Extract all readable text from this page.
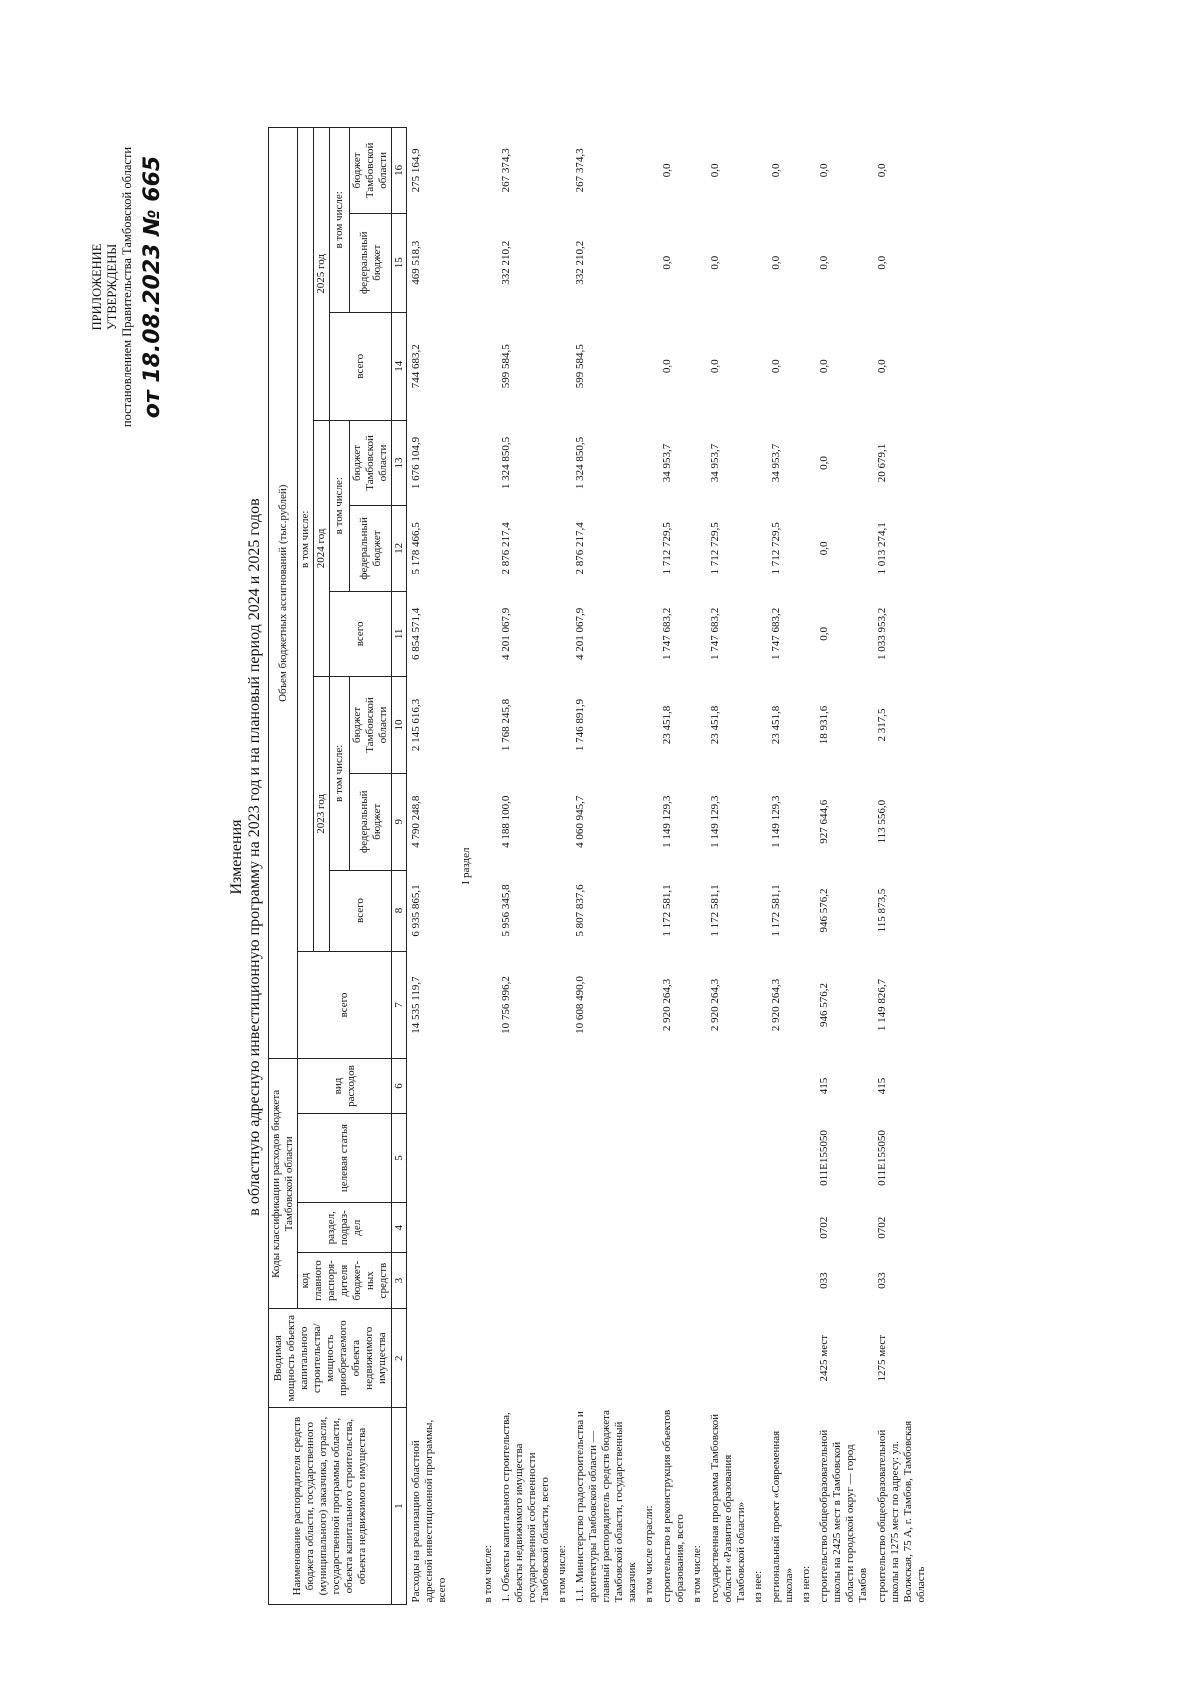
ПРИЛОЖЕНИЕ УТВЕРЖДЕНЫ постановлением Правительства Тамбовской области от 18.08.2023 № 665
Изменения в областную адресную инвестиционную программу на 2023 год и на плановый период 2024 и 2025 годов
Наименование распорядителя средств бюджета области, государственного (муниципального) заказчика, отрасли, государственной программы области, объекта капитального строительства, объекта недвижимого имущества	Вводимая мощность объекта капитального строительства/ мощность приобретаемого объекта недвижимого имущества	Коды классификации расходов бюджета Тамбовской области				Объем бюджетных ассигнований (тыс.рублей)									
		код главного распоря-дителя бюджет-ных средств	раздел, подраз-дел	целевая статья	вид расходов	всего	в том числе:								
							2023 год			2024 год			2025 год		
							всего	в том числе:		всего	в том числе:		всего	в том числе:	
								федеральный бюджет	бюджет Тамбовской области		федеральный бюджет	бюджет Тамбовской области		федеральный бюджет	бюджет Тамбовской области
1	2	3	4	5	6	7	8	9	10	11	12	13	14	15	16
Расходы на реализацию областной адресной инвестиционной программы, всего						14 535 119,7	6 935 865,1	4 790 248,8	2 145 616,3	6 854 571,4	5 178 466,5	1 676 104,9	744 683,2	469 518,3	275 164,9
I раздел															
в том числе:															
1. Объекты капитального строительства, объекты недвижимого имущества государственной собственности Тамбовской области, всего						10 756 996,2	5 956 345,8	4 188 100,0	1 768 245,8	4 201 067,9	2 876 217,4	1 324 850,5	599 584,5	332 210,2	267 374,3
в том числе:															
1.1. Министерство градостроительства и архитектуры Тамбовской области — главный распорядитель средств бюджета Тамбовской области, государственный заказчик						10 608 490,0	5 807 837,6	4 060 945,7	1 746 891,9	4 201 067,9	2 876 217,4	1 324 850,5	599 584,5	332 210,2	267 374,3
в том числе отрасли:															
строительство и реконструкция объектов образования, всего						2 920 264,3	1 172 581,1	1 149 129,3	23 451,8	1 747 683,2	1 712 729,5	34 953,7	0,0	0,0	0,0
в том числе:															
государственная программа Тамбовской области «Развитие образования Тамбовской области»						2 920 264,3	1 172 581,1	1 149 129,3	23 451,8	1 747 683,2	1 712 729,5	34 953,7	0,0	0,0	0,0
из нее:															
региональный проект «Современная школа»						2 920 264,3	1 172 581,1	1 149 129,3	23 451,8	1 747 683,2	1 712 729,5	34 953,7	0,0	0,0	0,0
из него:															
строительство общеобразовательной школы на 2425 мест в Тамбовской области городской округ — город Тамбов	2425 мест	033	0702	011E155050	415	946 576,2	946 576,2	927 644,6	18 931,6	0,0	0,0	0,0	0,0	0,0	0,0
строительство общеобразовательной школы на 1275 мест по адресу: ул. Волжская, 75 А, г. Тамбов, Тамбовская область	1275 мест	033	0702	011E155050	415	1 149 826,7	115 873,5	113 556,0	2 317,5	1 033 953,2	1 013 274,1	20 679,1	0,0	0,0	0,0
